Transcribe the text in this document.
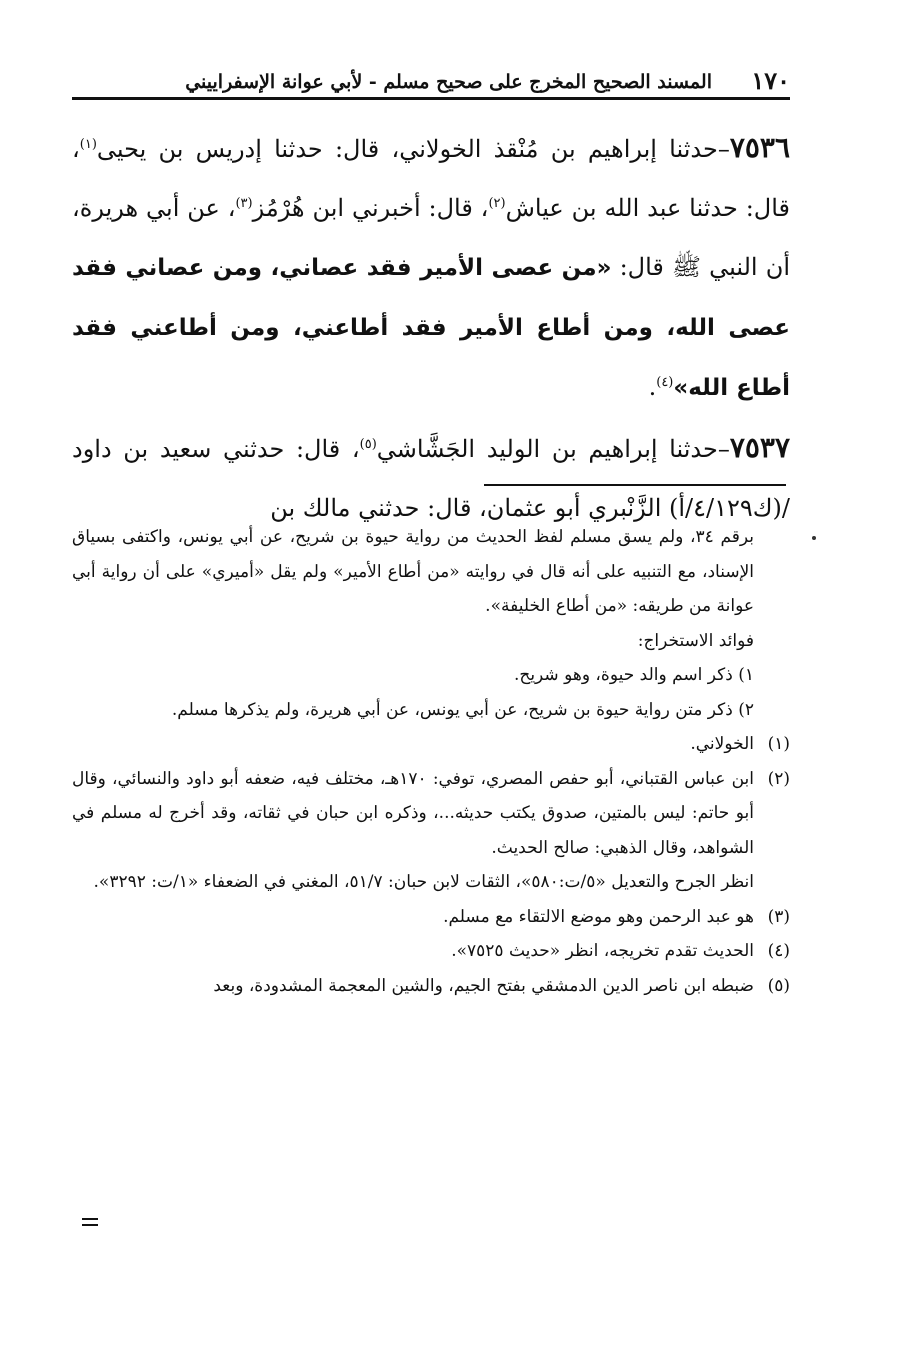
١٧٠
المسند الصحيح المخرج على صحيح مسلم - لأبي عوانة الإسفراييني

٧٥٣٦–حدثنا إبراهيم بن مُنْقذ الخولاني، قال: حدثنا إدريس بن يحيى$^{(١)}$، قال: حدثنا عبد الله بن عياش$^{(٢)}$، قال: أخبرني ابن هُرْمُز$^{(٣)}$، عن أبي هريرة، أن النبي ﷺ قال: «من عصى الأمير فقد عصاني، ومن عصاني فقد عصى الله، ومن أطاع الأمير فقد أطاعني، ومن أطاعني فقد أطاع الله»$^{(٤)}$.

٧٥٣٧–حدثنا إبراهيم بن الوليد الجَشَّاشي$^{(٥)}$، قال: حدثني سعيد بن داود /(ك٤/١٢٩/أ) الزَّنْبري أبو عثمان، قال: حدثني مالك بن

برقم ٣٤، ولم يسق مسلم لفظ الحديث من رواية حيوة بن شريح، عن أبي يونس، واكتفى بسياق الإسناد، مع التنبيه على أنه قال في روايته «من أطاع الأمير» ولم يقل «أميري» على أن رواية أبي عوانة من طريقه: «من أطاع الخليفة».
فوائد الاستخراج:
١) ذكر اسم والد حيوة، وهو شريح.
٢) ذكر متن رواية حيوة بن شريح، عن أبي يونس، عن أبي هريرة، ولم يذكرها مسلم.
(١)
الخولاني.
(٢)
ابن عباس القتباني، أبو حفص المصري، توفي: ١٧٠هـ، مختلف فيه، ضعفه أبو داود والنسائي، وقال أبو حاتم: ليس بالمتين، صدوق يكتب حديثه...، وذكره ابن حبان في ثقاته، وقد أخرج له مسلم في الشواهد، وقال الذهبي: صالح الحديث.
انظر الجرح والتعديل «٥/ت:٥٨٠»، الثقات لابن حبان: ٥١/٧، المغني في الضعفاء «١/ت: ٣٢٩٢».
(٣)
هو عبد الرحمن وهو موضع الالتقاء مع مسلم.
(٤)
الحديث تقدم تخريجه، انظر «حديث ٧٥٢٥».
(٥)
ضبطه ابن ناصر الدين الدمشقي بفتح الجيم، والشين المعجمة المشدودة، وبعد
